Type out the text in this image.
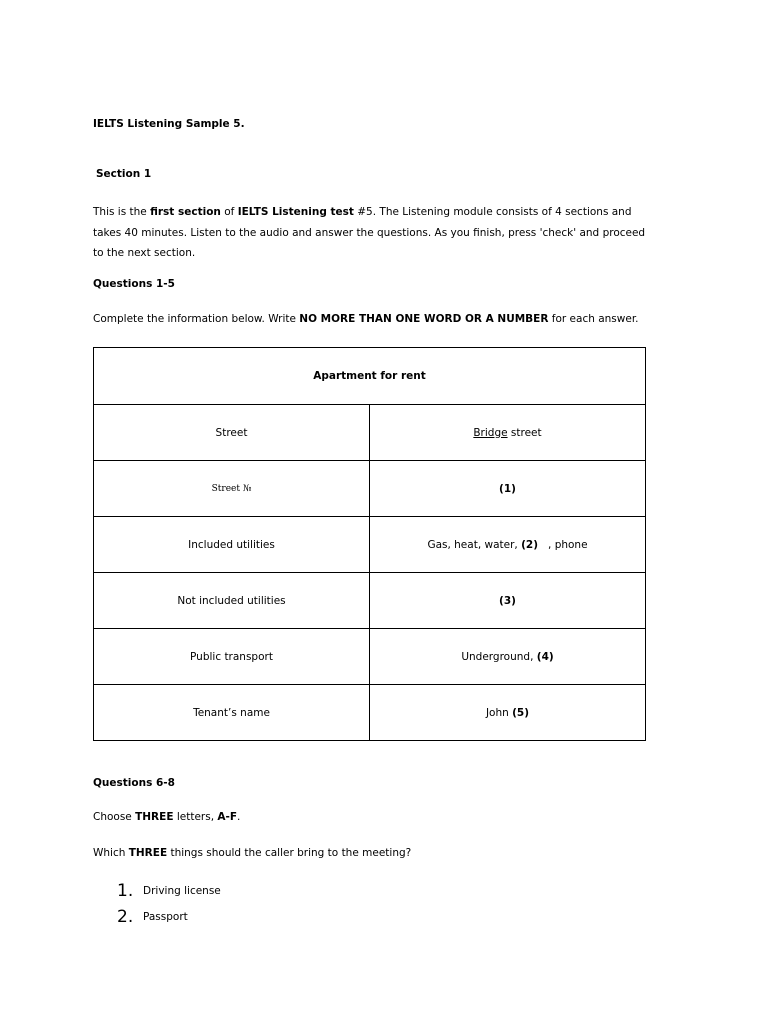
IELTS Listening Sample 5.
Section 1
This is the first section of IELTS Listening test #5. The Listening module consists of 4 sections and takes 40 minutes. Listen to the audio and answer the questions. As you finish, press 'check' and proceed to the next section.
Questions 1-5
Complete the information below. Write NO MORE THAN ONE WORD OR A NUMBER for each answer.
Apartment for rent	
Street	Bridge street
Street №	(1)
Included utilities	Gas, heat, water, (2)   , phone
Not included utilities	(3)
Public transport	Underground, (4)
Tenant’s name	John (5)
Questions 6-8
Choose THREE letters, A-F.
Which THREE things should the caller bring to the meeting?
1. Driving license
2. Passport
